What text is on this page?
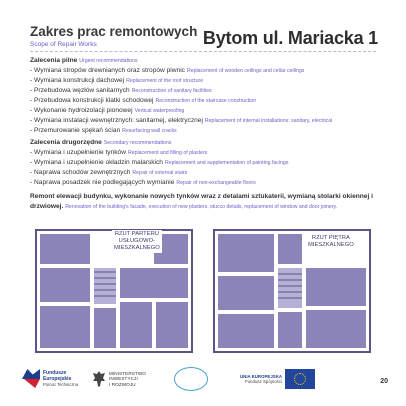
Zakres prac remontowych
Scope of Repair Works	Bytom ul. Mariacka 1
Zalecenia pilne Urgent recommendations
- Wymiana stropów drewnianych oraz stropów piwnic Replacement of wooden ceilings and cellar ceilings
- Wymiana konstrukcji dachowej Replacement of the roof structure
- Przebudowa węzłów sanitarnych Reconstruction of sanitary facilities
- Przebudowa konstrukcji klatki schodowej Reconstruction of the staircase construction
- Wykonanie hydroizolacji pionowej Vertical waterproofing
- Wymiana instalacji wewnętrznych: sanitarnej, elektrycznej Replacement of internal installations: sanitary, electrical
- Przemurowanie spękań ścian Resurfacing wall cracks
Zalecenia drugorzędne Secondary recommendations
- Wymiana i uzupełnienie tynków Replacement and filling of plasters
- Wymiana i uzupełnienie okładzin malarskich Replacement and supplementation of painting facings
- Naprawa schodów zewnętrznych Repair of external stairs
- Naprawa posadzek nie podlegających wymianie Repair of non-exchangeable floors
Remont elewacji budynku, wykonanie nowych tynków wraz z detalami sztukaterii, wymianą stolarki okiennej i drzwiowej. Renovation of the building's facade, execution of new plasters, stucco details, replacement of window and door joinery.
RZUT PARTERU
USŁUGOWO-
MIESZKALNEGO
RZUT PIĘTRA
MIESZKALNEGO
Fundusze
Europejskie
Pomoc Techniczna
MINISTERSTWO
INWESTYCJI
I ROZWOJU
UNIA EUROPEJSKA
Fundusz Spójności	20
